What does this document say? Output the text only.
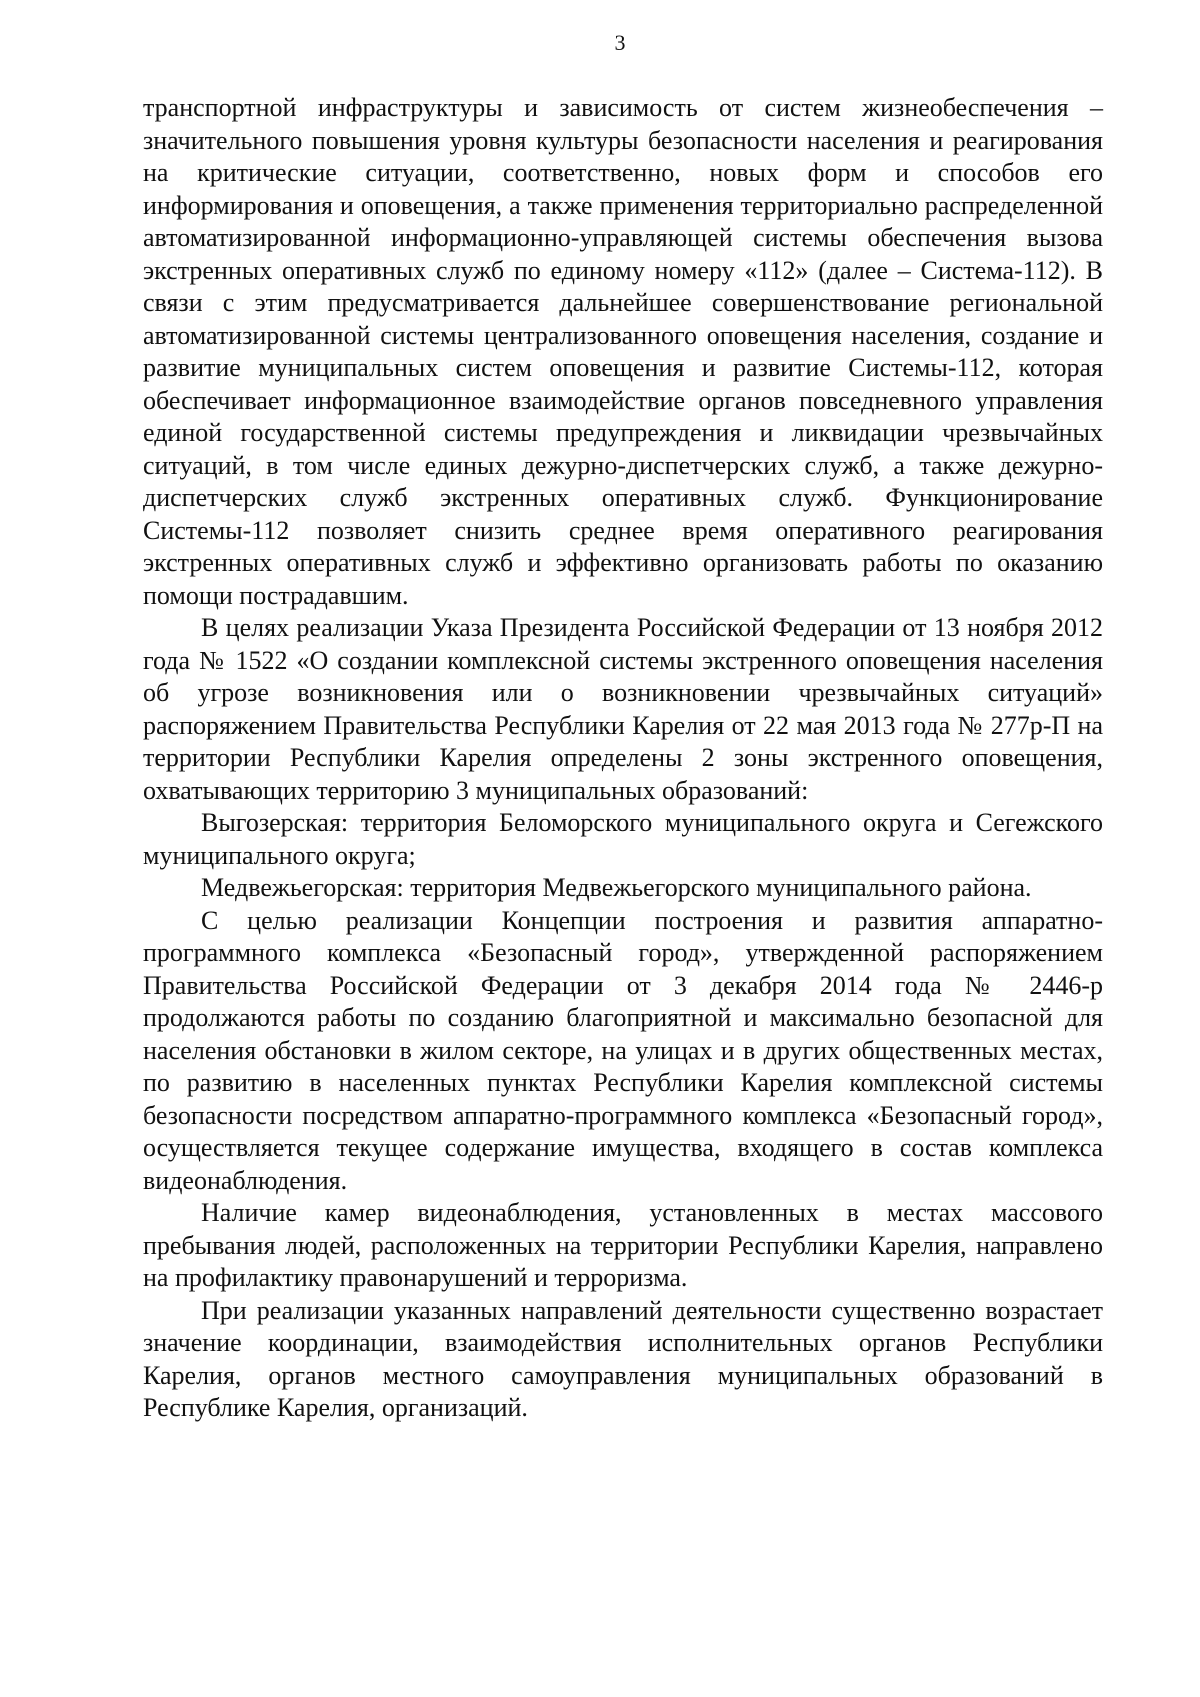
3

транспортной инфраструктуры и зависимость от систем жизнеобеспечения – значительного повышения уровня культуры безопасности населения и реагирования на критические ситуации, соответственно, новых форм и способов его информирования и оповещения, а также применения территориально распределенной автоматизированной информационно-управляющей системы обеспечения вызова экстренных оперативных служб по единому номеру «112» (далее – Система-112). В связи с этим предусматривается дальнейшее совершенствование региональной автоматизированной системы централизованного оповещения населения, создание и развитие муниципальных систем оповещения и развитие Системы-112, которая обеспечивает информационное взаимодействие органов повседневного управления единой государственной системы предупреждения и ликвидации чрезвычайных ситуаций, в том числе единых дежурно-диспетчерских служб, а также дежурно-диспетчерских служб экстренных оперативных служб. Функционирование Системы-112 позволяет снизить среднее время оперативного реагирования экстренных оперативных служб и эффективно организовать работы по оказанию помощи пострадавшим.

В целях реализации Указа Президента Российской Федерации от 13 ноября 2012 года № 1522 «О создании комплексной системы экстренного оповещения населения об угрозе возникновения или о возникновении чрезвычайных ситуаций» распоряжением Правительства Республики Карелия от 22 мая 2013 года № 277р-П на территории Республики Карелия определены 2 зоны экстренного оповещения, охватывающих территорию 3 муниципальных образований:

Выгозерская: территория Беломорского муниципального округа и Сегежского муниципального округа;

Медвежьегорская: территория Медвежьегорского муниципального района.

С целью реализации Концепции построения и развития аппаратно-программного комплекса «Безопасный город», утвержденной распоряжением Правительства Российской Федерации от 3 декабря 2014 года № 2446-р продолжаются работы по созданию благоприятной и максимально безопасной для населения обстановки в жилом секторе, на улицах и в других общественных местах, по развитию в населенных пунктах Республики Карелия комплексной системы безопасности посредством аппаратно-программного комплекса «Безопасный город», осуществляется текущее содержание имущества, входящего в состав комплекса видеонаблюдения.

Наличие камер видеонаблюдения, установленных в местах массового пребывания людей, расположенных на территории Республики Карелия, направлено на профилактику правонарушений и терроризма.

При реализации указанных направлений деятельности существенно возрастает значение координации, взаимодействия исполнительных органов Республики Карелия, органов местного самоуправления муниципальных образований в Республике Карелия, организаций.
